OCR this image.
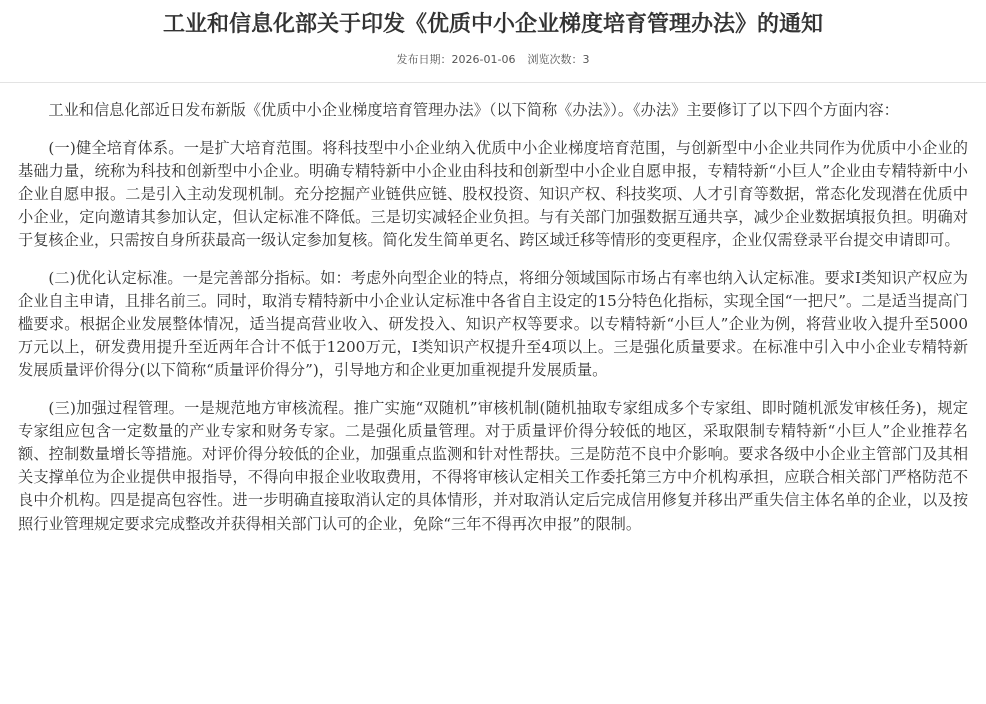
工业和信息化部关于印发《优质中小企业梯度培育管理办法》的通知
发布日期：2026-01-06 浏览次数：3

工业和信息化部近日发布新版《优质中小企业梯度培育管理办法》（以下简称《办法》）。《办法》主要修订了以下四个方面内容：

(一)健全培育体系。一是扩大培育范围。将科技型中小企业纳入优质中小企业梯度培育范围，与创新型中小企业共同作为优质中小企业的基础力量，统称为科技和创新型中小企业。明确专精特新中小企业由科技和创新型中小企业自愿申报，专精特新“小巨人”企业由专精特新中小企业自愿申报。二是引入主动发现机制。充分挖掘产业链供应链、股权投资、知识产权、科技奖项、人才引育等数据，常态化发现潜在优质中小企业，定向邀请其参加认定，但认定标准不降低。三是切实减轻企业负担。与有关部门加强数据互通共享，减少企业数据填报负担。明确对于复核企业，只需按自身所获最高一级认定参加复核。简化发生简单更名、跨区域迁移等情形的变更程序，企业仅需登录平台提交申请即可。

(二)优化认定标准。一是完善部分指标。如：考虑外向型企业的特点，将细分领域国际市场占有率也纳入认定标准。要求I类知识产权应为企业自主申请，且排名前三。同时，取消专精特新中小企业认定标准中各省自主设定的15分特色化指标，实现全国“一把尺”。二是适当提高门槛要求。根据企业发展整体情况，适当提高营业收入、研发投入、知识产权等要求。以专精特新“小巨人”企业为例，将营业收入提升至5000万元以上，研发费用提升至近两年合计不低于1200万元，I类知识产权提升至4项以上。三是强化质量要求。在标准中引入中小企业专精特新发展质量评价得分(以下简称“质量评价得分”)，引导地方和企业更加重视提升发展质量。

(三)加强过程管理。一是规范地方审核流程。推广实施“双随机”审核机制(随机抽取专家组成多个专家组、即时随机派发审核任务)，规定专家组应包含一定数量的产业专家和财务专家。二是强化质量管理。对于质量评价得分较低的地区，采取限制专精特新“小巨人”企业推荐名额、控制数量增长等措施。对评价得分较低的企业，加强重点监测和针对性帮扶。三是防范不良中介影响。要求各级中小企业主管部门及其相关支撑单位为企业提供申报指导，不得向申报企业收取费用，不得将审核认定相关工作委托第三方中介机构承担，应联合相关部门严格防范不良中介机构。四是提高包容性。进一步明确直接取消认定的具体情形，并对取消认定后完成信用修复并移出严重失信主体名单的企业，以及按照行业管理规定要求完成整改并获得相关部门认可的企业，免除“三年不得再次申报”的限制。
